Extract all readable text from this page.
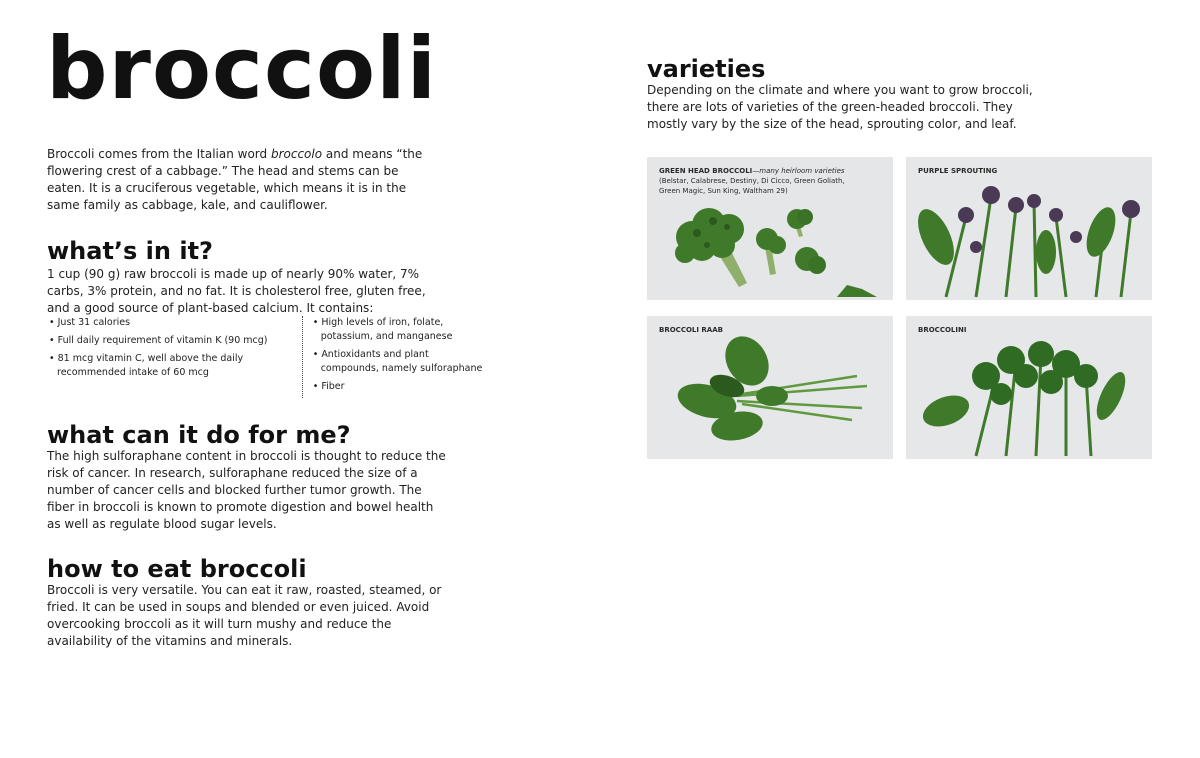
broccoli

Broccoli comes from the Italian word broccolo and means “the flowering crest of a cabbage.” The head and stems can be eaten. It is a cruciferous vegetable, which means it is in the same family as cabbage, kale, and cauliflower.

what’s in it?

1 cup (90 g) raw broccoli is made up of nearly 90% water, 7% carbs, 3% protein, and no fat. It is cholesterol free, gluten free, and a good source of plant-based calcium. It contains:

• Just 31 calories
• Full daily requirement of vitamin K (90 mcg)
• 81 mcg vitamin C, well above the daily recommended intake of 60 mcg
• High levels of iron, folate, potassium, and manganese
• Antioxidants and plant compounds, namely sulforaphane
• Fiber
what can it do for me?

The high sulforaphane content in broccoli is thought to reduce the risk of cancer. In research, sulforaphane reduced the size of a number of cancer cells and blocked further tumor growth. The fiber in broccoli is known to promote digestion and bowel health as well as regulate blood sugar levels.

how to eat broccoli

Broccoli is very versatile. You can eat it raw, roasted, steamed, or fried. It can be used in soups and blended or even juiced. Avoid overcooking broccoli as it will turn mushy and reduce the availability of the vitamins and minerals.

varieties

Depending on the climate and where you want to grow broccoli, there are lots of varieties of the green-headed broccoli. They mostly vary by the size of the head, sprouting color, and leaf.

GREEN HEAD BROCCOLI—many heirloom varieties
(Belstar, Calabrese, Destiny, Di Cicco, Green Goliath, Green Magic, Sun King, Waltham 29)

PURPLE SPROUTING

BROCCOLI RAAB	BROCCOLINI
